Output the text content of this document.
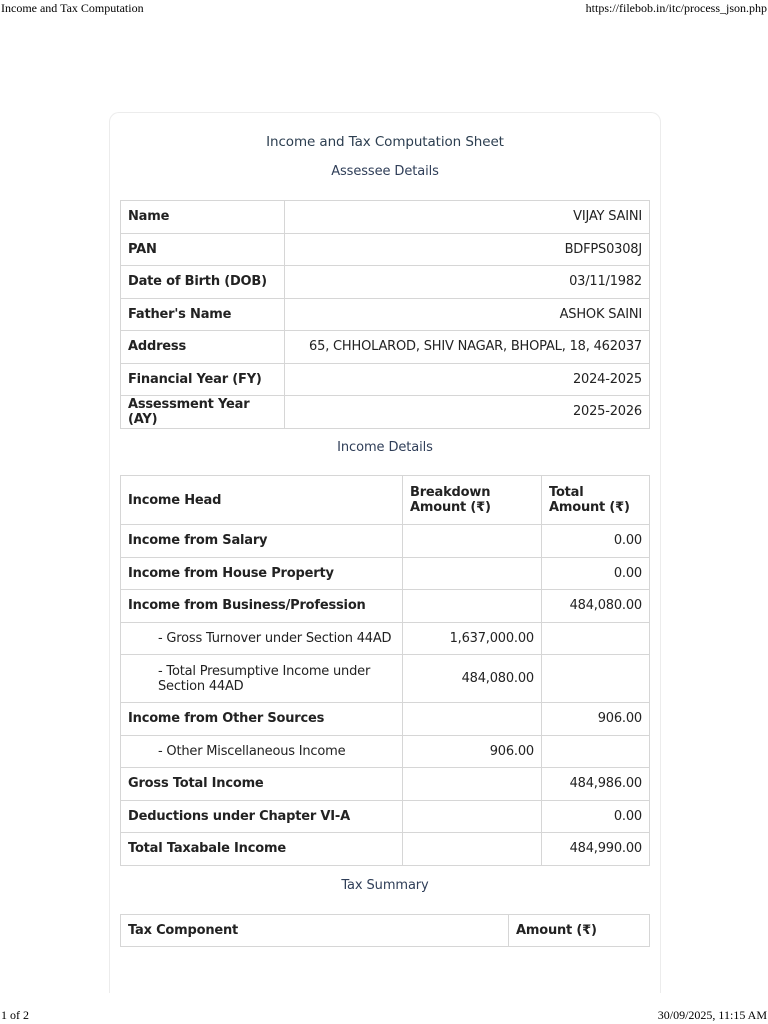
Income and Tax Computation	https://filebob.in/itc/process_json.php
Income and Tax Computation Sheet
Assessee Details
Name	VIJAY SAINI
PAN	BDFPS0308J
Date of Birth (DOB)	03/11/1982
Father's Name	ASHOK SAINI
Address	65, CHHOLAROD, SHIV NAGAR, BHOPAL, 18, 462037
Financial Year (FY)	2024-2025
Assessment Year (AY)	2025-2026
Income Details
Income Head	Breakdown Amount (₹)	Total Amount (₹)
Income from Salary		0.00
Income from House Property		0.00
Income from Business/Profession		484,080.00
- Gross Turnover under Section 44AD	1,637,000.00	
- Total Presumptive Income under Section 44AD	484,080.00	
Income from Other Sources		906.00
- Other Miscellaneous Income	906.00	
Gross Total Income		484,986.00
Deductions under Chapter VI-A		0.00
Total Taxabale Income		484,990.00
Tax Summary
Tax Component	Amount (₹)
1 of 2	30/09/2025, 11:15 AM
